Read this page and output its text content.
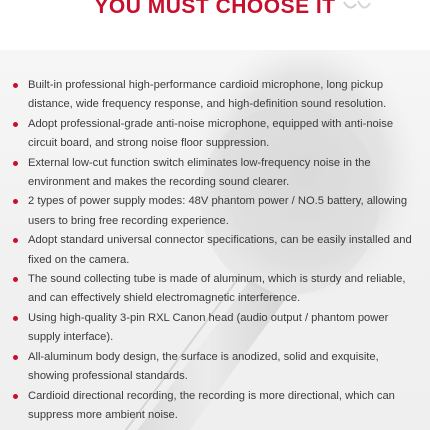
YOU MUST CHOOSE IT
Built-in professional high-performance cardioid microphone, long pickup distance, wide frequency response, and high-definition sound resolution.
Adopt professional-grade anti-noise microphone, equipped with anti-noise circuit board, and strong noise floor suppression.
External low-cut function switch eliminates low-frequency noise in the environment and makes the recording sound clearer.
2 types of power supply modes: 48V phantom power / NO.5 battery, allowing users to bring free recording experience.
Adopt standard universal connector specifications, can be easily installed and fixed on the camera.
The sound collecting tube is made of aluminum, which is sturdy and reliable, and can effectively shield electromagnetic interference.
Using high-quality 3-pin RXL Canon head (audio output / phantom power supply interface).
All-aluminum body design, the surface is anodized, solid and exquisite, showing professional standards.
Cardioid directional recording, the recording is more directional, which can suppress more ambient noise.
